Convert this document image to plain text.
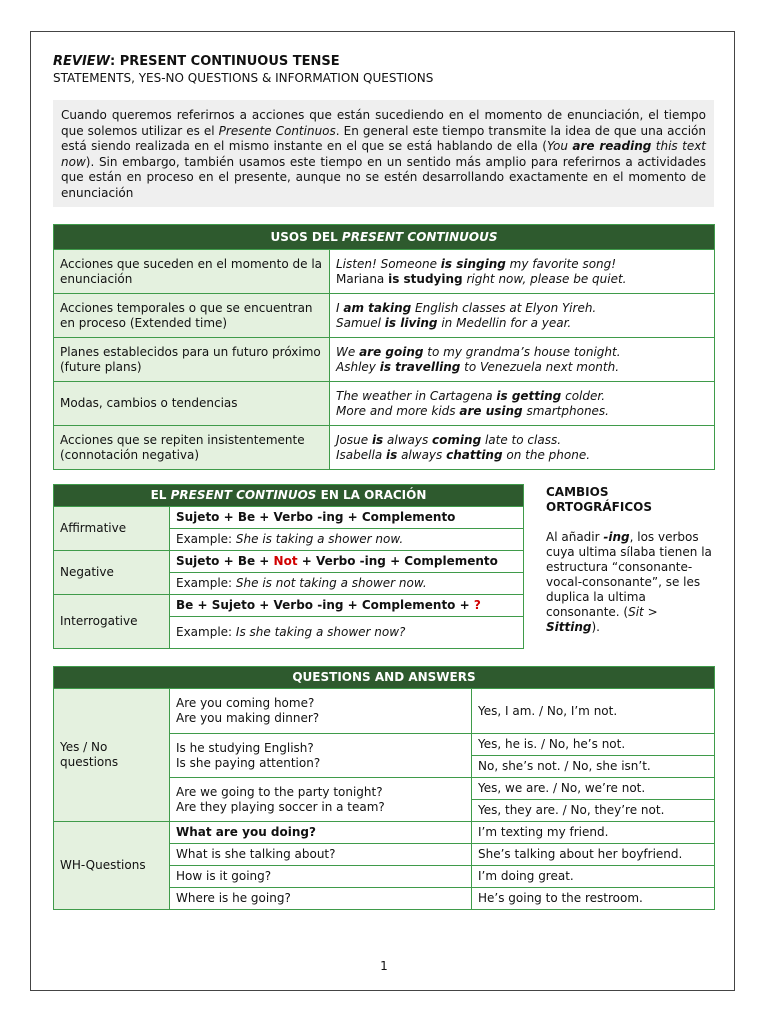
REVIEW: PRESENT CONTINUOUS TENSE
STATEMENTS, YES-NO QUESTIONS & INFORMATION QUESTIONS
Cuando queremos referirnos a acciones que están sucediendo en el momento de enunciación, el tiempo que solemos utilizar es el Presente Continuos. En general este tiempo transmite la idea de que una acción está siendo realizada en el mismo instante en el que se está hablando de ella (You are reading this text now). Sin embargo, también usamos este tiempo en un sentido más amplio para referirnos a actividades que están en proceso en el presente, aunque no se estén desarrollando exactamente en el momento de enunciación
USOS DEL PRESENT CONTINUOUS	
Acciones que suceden en el momento de la enunciación	Listen! Someone is singing my favorite song!
Mariana is studying right now, please be quiet.
Acciones temporales o que se encuentran en proceso (Extended time)	I am taking English classes at Elyon Yireh.
Samuel is living in Medellin for a year.
Planes establecidos para un futuro próximo (future plans)	We are going to my grandma’s house tonight.
Ashley is travelling to Venezuela next month.
Modas, cambios o tendencias	The weather in Cartagena is getting colder.
More and more kids are using smartphones.
Acciones que se repiten insistentemente (connotación negativa)	Josue is always coming late to class.
Isabella is always chatting on the phone.
EL PRESENT CONTINUOS EN LA ORACIÓN	
Affirmative	Sujeto + Be + Verbo -ing + Complemento
	Example: She is taking a shower now.
Negative	Sujeto + Be + Not + Verbo -ing + Complemento
	Example: She is not taking a shower now.
Interrogative	Be + Sujeto + Verbo -ing + Complemento + ?
	Example: Is she taking a shower now?
CAMBIOS
ORTOGRÁFICOS
Al añadir -ing, los verbos cuya ultima sílaba tienen la estructura “consonante-vocal-consonante”, se les duplica la ultima consonante. (Sit > Sitting).
QUESTIONS AND ANSWERS		
Yes / No questions	Are you coming home?
Are you making dinner?	Yes, I am. / No, I’m not.
	Is he studying English?
Is she paying attention?	Yes, he is. / No, he’s not.
		No, she’s not. / No, she isn’t.
	Are we going to the party tonight?
Are they playing soccer in a team?	Yes, we are. / No, we’re not.
		Yes, they are. / No, they’re not.
WH-Questions	What are you doing?	I’m texting my friend.
	What is she talking about?	She’s talking about her boyfriend.
	How is it going?	I’m doing great.
	Where is he going?	He’s going to the restroom.
1
